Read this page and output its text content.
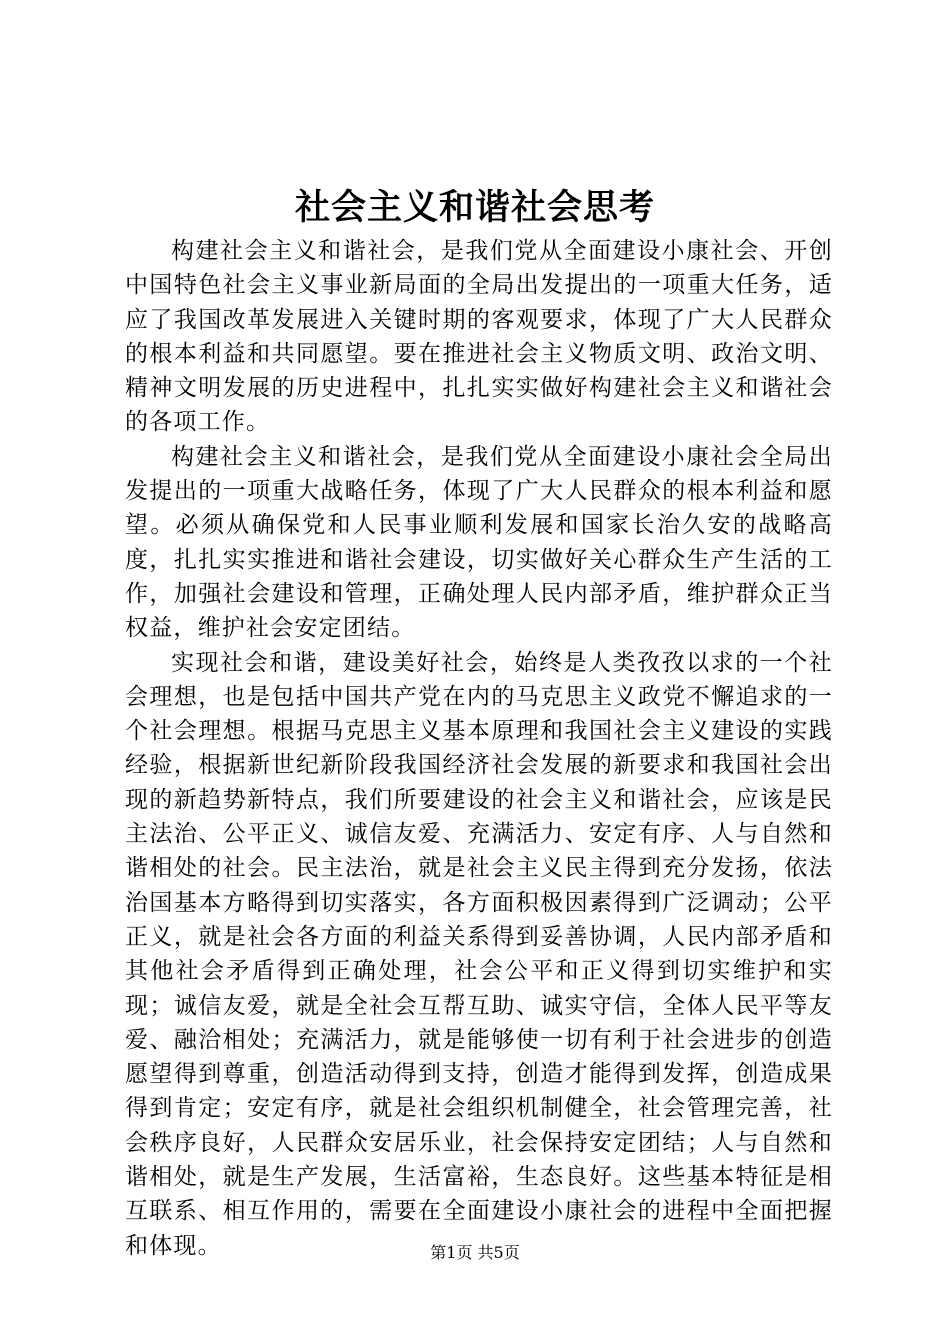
社会主义和谐社会思考

构建社会主义和谐社会，是我们党从全面建设小康社会、开创中国特色社会主义事业新局面的全局出发提出的一项重大任务，适应了我国改革发展进入关键时期的客观要求，体现了广大人民群众的根本利益和共同愿望。要在推进社会主义物质文明、政治文明、精神文明发展的历史进程中，扎扎实实做好构建社会主义和谐社会的各项工作。

构建社会主义和谐社会，是我们党从全面建设小康社会全局出发提出的一项重大战略任务，体现了广大人民群众的根本利益和愿望。必须从确保党和人民事业顺利发展和国家长治久安的战略高度，扎扎实实推进和谐社会建设，切实做好关心群众生产生活的工作，加强社会建设和管理，正确处理人民内部矛盾，维护群众正当权益，维护社会安定团结。

实现社会和谐，建设美好社会，始终是人类孜孜以求的一个社会理想，也是包括中国共产党在内的马克思主义政党不懈追求的一个社会理想。根据马克思主义基本原理和我国社会主义建设的实践经验，根据新世纪新阶段我国经济社会发展的新要求和我国社会出现的新趋势新特点，我们所要建设的社会主义和谐社会，应该是民主法治、公平正义、诚信友爱、充满活力、安定有序、人与自然和谐相处的社会。民主法治，就是社会主义民主得到充分发扬，依法治国基本方略得到切实落实，各方面积极因素得到广泛调动；公平正义，就是社会各方面的利益关系得到妥善协调，人民内部矛盾和其他社会矛盾得到正确处理，社会公平和正义得到切实维护和实现；诚信友爱，就是全社会互帮互助、诚实守信，全体人民平等友爱、融洽相处；充满活力，就是能够使一切有利于社会进步的创造愿望得到尊重，创造活动得到支持，创造才能得到发挥，创造成果得到肯定；安定有序，就是社会组织机制健全，社会管理完善，社会秩序良好，人民群众安居乐业，社会保持安定团结；人与自然和谐相处，就是生产发展，生活富裕，生态良好。这些基本特征是相互联系、相互作用的，需要在全面建设小康社会的进程中全面把握和体现。	第1页 共5页
